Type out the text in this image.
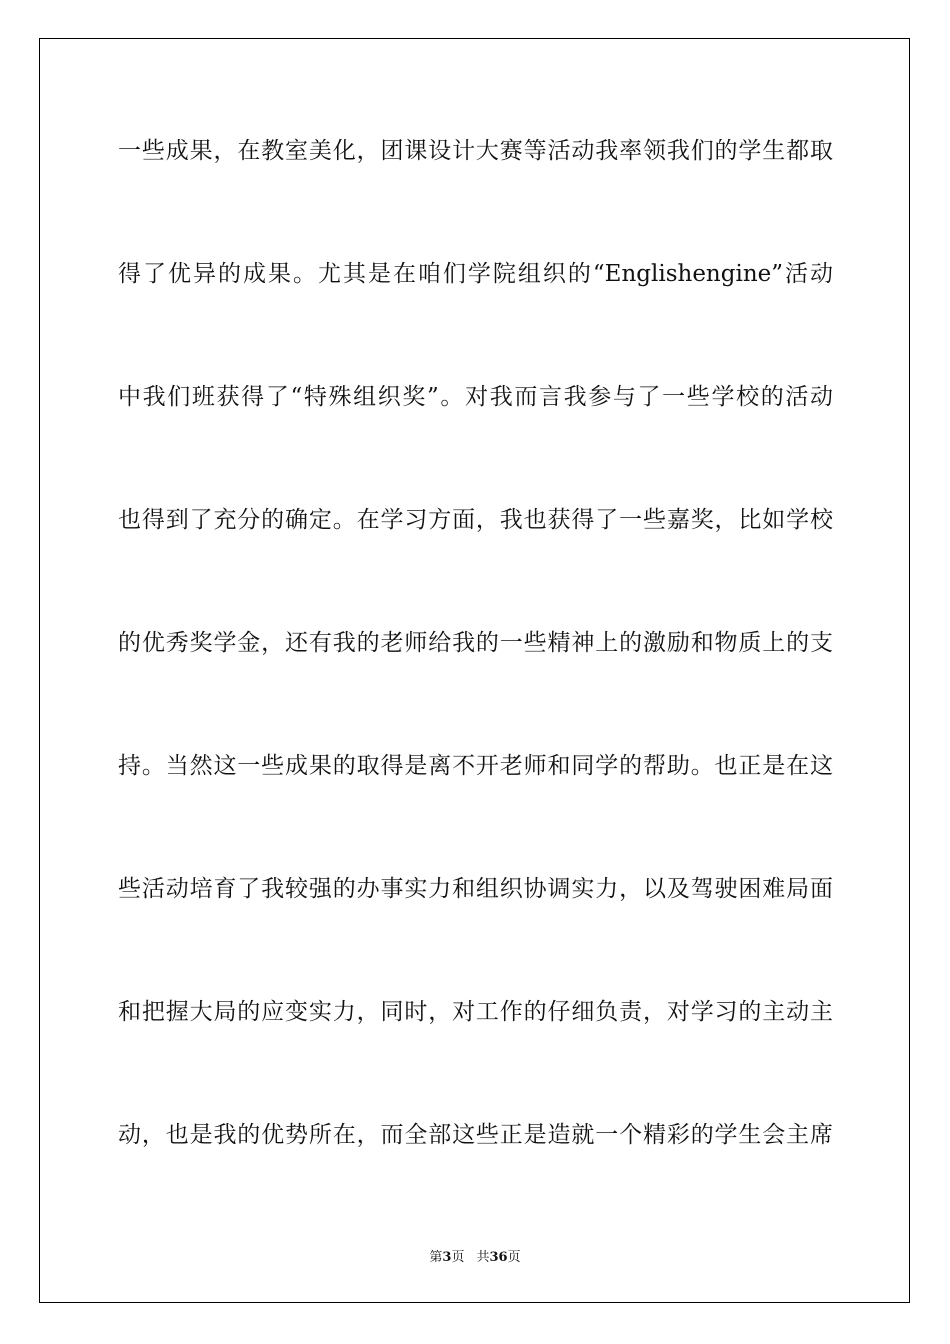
一些成果，在教室美化，团课设计大赛等活动我率领我们的学生都取
得了优异的成果。尤其是在咱们学院组织的“Englishengine”活动
中我们班获得了“特殊组织奖”。对我而言我参与了一些学校的活动
也得到了充分的确定。在学习方面，我也获得了一些嘉奖，比如学校
的优秀奖学金，还有我的老师给我的一些精神上的激励和物质上的支
持。当然这一些成果的取得是离不开老师和同学的帮助。也正是在这
些活动培育了我较强的办事实力和组织协调实力，以及驾驶困难局面
和把握大局的应变实力，同时，对工作的仔细负责，对学习的主动主
动，也是我的优势所在，而全部这些正是造就一个精彩的学生会主席
第3页 共36页
